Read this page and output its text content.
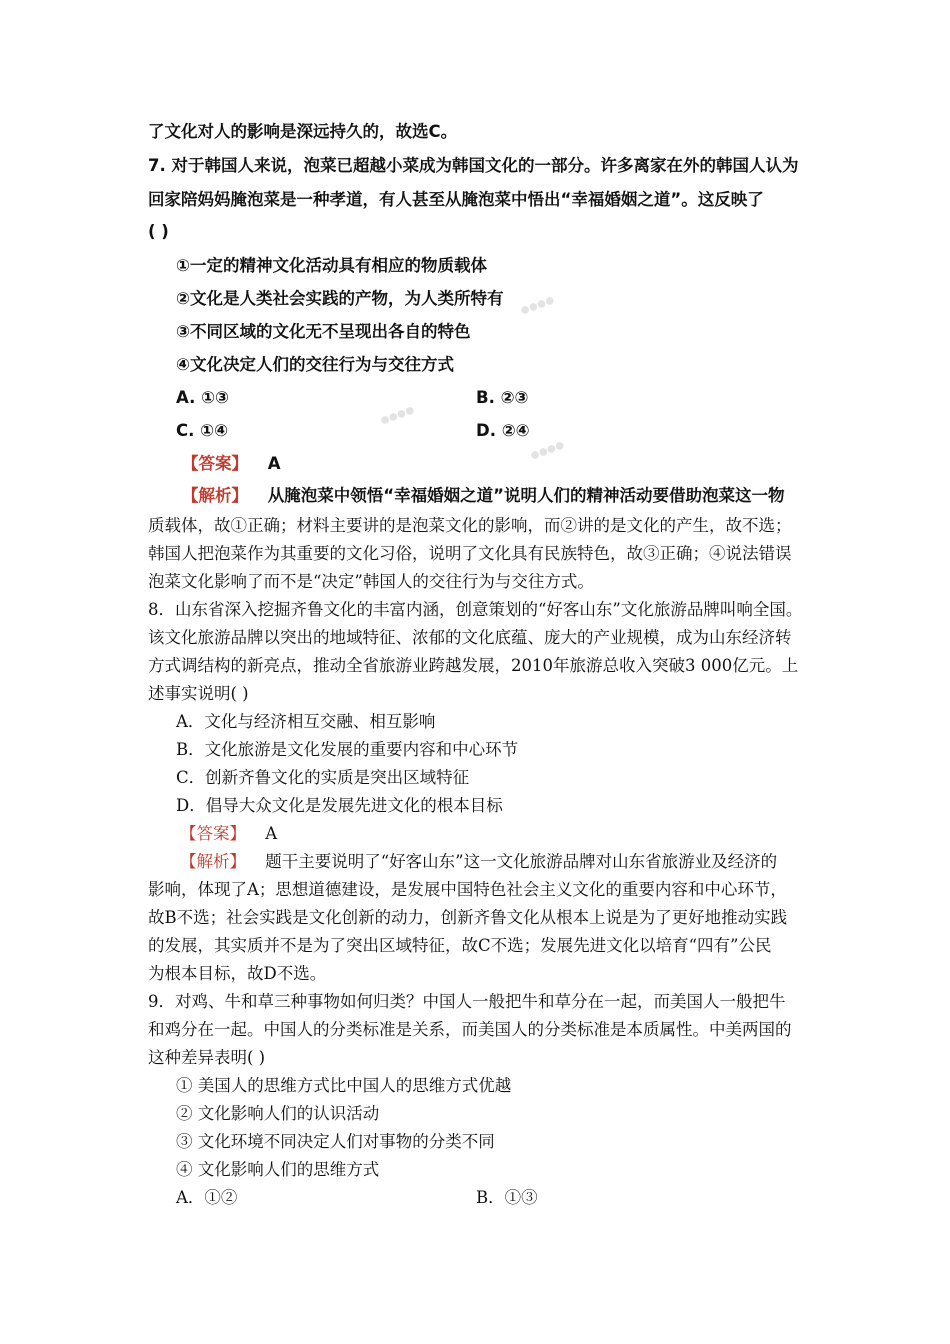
●●●●
●●●●
●●●●
了文化对人的影响是深远持久的，故选C。
7. 对于韩国人来说，泡菜已超越小菜成为韩国文化的一部分。许多离家在外的韩国人认为
回家陪妈妈腌泡菜是一种孝道，有人甚至从腌泡菜中悟出“幸福婚姻之道”。这反映了
( )
①一定的精神文化活动具有相应的物质载体
②文化是人类社会实践的产物，为人类所特有
③不同区域的文化无不呈现出各自的特色
④文化决定人们的交往行为与交往方式
A. ①③	B. ②③
C. ①④	D. ②④
【答案】 A
【解析】 从腌泡菜中领悟“幸福婚姻之道”说明人们的精神活动要借助泡菜这一物
质载体，故①正确；材料主要讲的是泡菜文化的影响，而②讲的是文化的产生，故不选；
韩国人把泡菜作为其重要的文化习俗，说明了文化具有民族特色，故③正确；④说法错误
泡菜文化影响了而不是“决定”韩国人的交往行为与交往方式。
8．山东省深入挖掘齐鲁文化的丰富内涵，创意策划的“好客山东”文化旅游品牌叫响全国。
该文化旅游品牌以突出的地域特征、浓郁的文化底蕴、庞大的产业规模，成为山东经济转
方式调结构的新亮点，推动全省旅游业跨越发展，2010年旅游总收入突破3 000亿元。上
述事实说明( )
A．文化与经济相互交融、相互影响
B．文化旅游是文化发展的重要内容和中心环节
C．创新齐鲁文化的实质是突出区域特征
D．倡导大众文化是发展先进文化的根本目标
【答案】 A
【解析】 题干主要说明了“好客山东”这一文化旅游品牌对山东省旅游业及经济的
影响，体现了A；思想道德建设，是发展中国特色社会主义文化的重要内容和中心环节，
故B不选；社会实践是文化创新的动力，创新齐鲁文化从根本上说是为了更好地推动实践
的发展，其实质并不是为了突出区域特征，故C不选；发展先进文化以培育“四有”公民
为根本目标，故D不选。
9．对鸡、牛和草三种事物如何归类？中国人一般把牛和草分在一起，而美国人一般把牛
和鸡分在一起。中国人的分类标准是关系，而美国人的分类标准是本质属性。中美两国的
这种差异表明( )
① 美国人的思维方式比中国人的思维方式优越
② 文化影响人们的认识活动
③ 文化环境不同决定人们对事物的分类不同
④ 文化影响人们的思维方式
A．①②	B．①③
